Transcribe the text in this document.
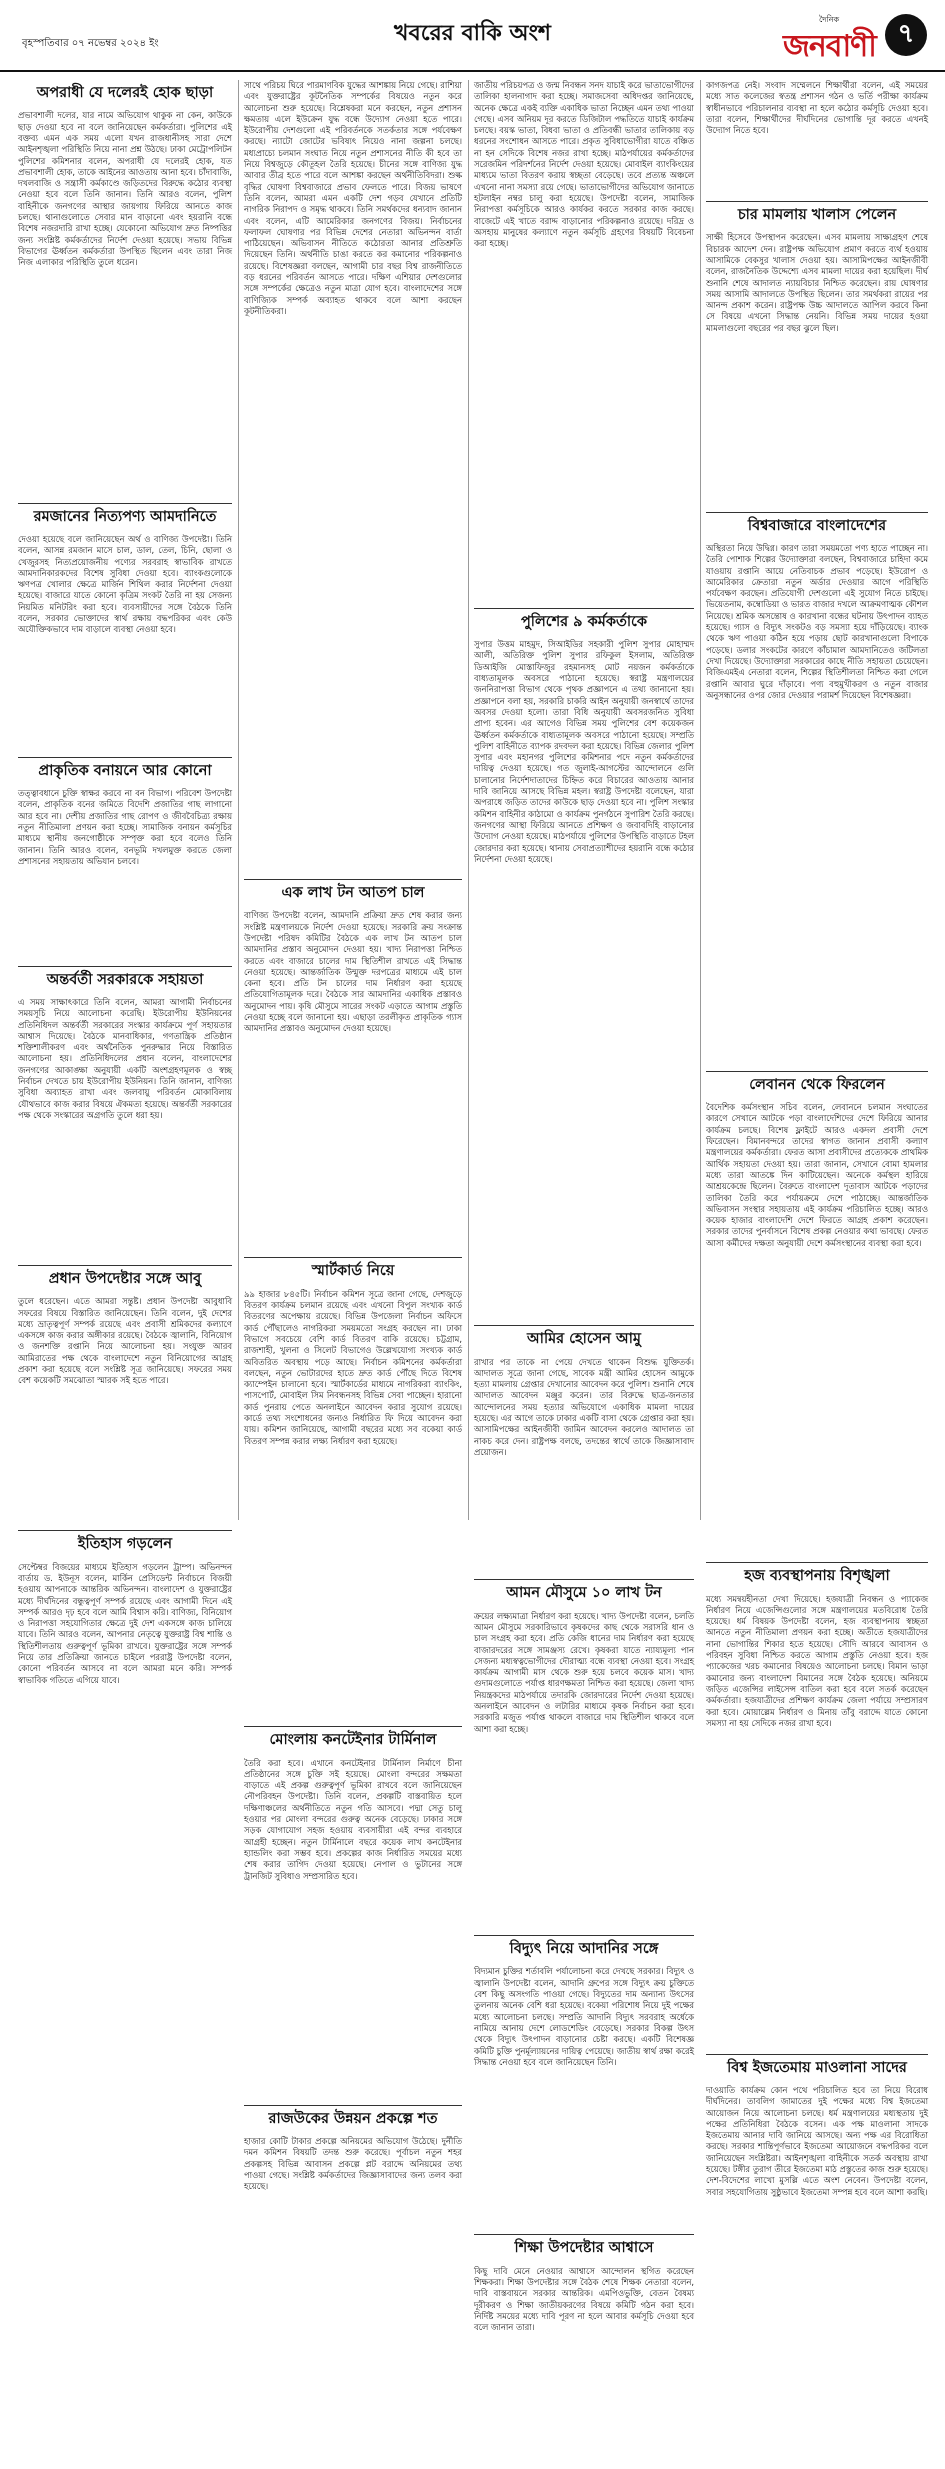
বৃহস্পতিবার ০৭ নভেম্বর ২০২৪ ইং	খবরের বাকি অংশ
দৈনিক
জনবাণী ৭
অপরাধী যে দলেরই হোক ছাড়া
প্রভাবশালী দলের, যার নামে অভিযোগ থাকুক না কেন, কাউকে ছাড় দেওয়া হবে না বলে জানিয়েছেন কর্মকর্তারা। পুলিশের এই বক্তব্য এমন এক সময় এলো যখন রাজধানীসহ সারা দেশে আইনশৃঙ্খলা পরিস্থিতি নিয়ে নানা প্রশ্ন উঠছে। ঢাকা মেট্রোপলিটন পুলিশের কমিশনার বলেন, অপরাধী যে দলেরই হোক, যত প্রভাবশালী হোক, তাকে আইনের আওতায় আনা হবে। চাঁদাবাজি, দখলবাজি ও সন্ত্রাসী কর্মকাণ্ডে জড়িতদের বিরুদ্ধে কঠোর ব্যবস্থা নেওয়া হবে বলে তিনি জানান। তিনি আরও বলেন, পুলিশ বাহিনীকে জনগণের আস্থার জায়গায় ফিরিয়ে আনতে কাজ চলছে। থানাগুলোতে সেবার মান বাড়ানো এবং হয়রানি বন্ধে বিশেষ নজরদারি রাখা হচ্ছে। যেকোনো অভিযোগ দ্রুত নিষ্পত্তির জন্য সংশ্লিষ্ট কর্মকর্তাদের নির্দেশ দেওয়া হয়েছে। সভায় বিভিন্ন বিভাগের ঊর্ধ্বতন কর্মকর্তারা উপস্থিত ছিলেন এবং তারা নিজ নিজ এলাকার পরিস্থিতি তুলে ধরেন।
রমজানের নিত্যপণ্য আমদানিতে
দেওয়া হয়েছে বলে জানিয়েছেন অর্থ ও বাণিজ্য উপদেষ্টা। তিনি বলেন, আসন্ন রমজান মাসে চাল, ডাল, তেল, চিনি, ছোলা ও খেজুরসহ নিত্যপ্রয়োজনীয় পণ্যের সরবরাহ স্বাভাবিক রাখতে আমদানিকারকদের বিশেষ সুবিধা দেওয়া হবে। ব্যাংকগুলোকে ঋণপত্র খোলার ক্ষেত্রে মার্জিন শিথিল করার নির্দেশনা দেওয়া হয়েছে। বাজারে যাতে কোনো কৃত্রিম সংকট তৈরি না হয় সেজন্য নিয়মিত মনিটরিং করা হবে। ব্যবসায়ীদের সঙ্গে বৈঠকে তিনি বলেন, সরকার ভোক্তাদের স্বার্থ রক্ষায় বদ্ধপরিকর এবং কেউ অযৌক্তিকভাবে দাম বাড়ালে ব্যবস্থা নেওয়া হবে।
প্রাকৃতিক বনায়নে আর কোনো
তত্ত্বাবধানে চুক্তি স্বাক্ষর করবে না বন বিভাগ। পরিবেশ উপদেষ্টা বলেন, প্রাকৃতিক বনের জমিতে বিদেশি প্রজাতির গাছ লাগানো আর হবে না। দেশীয় প্রজাতির গাছ রোপণ ও জীববৈচিত্র্য রক্ষায় নতুন নীতিমালা প্রণয়ন করা হচ্ছে। সামাজিক বনায়ন কর্মসূচির মাধ্যমে স্থানীয় জনগোষ্ঠীকে সম্পৃক্ত করা হবে বলেও তিনি জানান। তিনি আরও বলেন, বনভূমি দখলমুক্ত করতে জেলা প্রশাসনের সহায়তায় অভিযান চলবে।
অন্তর্বর্তী সরকারকে সহায়তা
এ সময় সাক্ষাৎকারে তিনি বলেন, আমরা আগামী নির্বাচনের সময়সূচি নিয়ে আলোচনা করেছি। ইউরোপীয় ইউনিয়নের প্রতিনিধিদল অন্তর্বর্তী সরকারের সংস্কার কার্যক্রমে পূর্ণ সহায়তার আশ্বাস দিয়েছে। বৈঠকে মানবাধিকার, গণতান্ত্রিক প্রতিষ্ঠান শক্তিশালীকরণ এবং অর্থনৈতিক পুনরুদ্ধার নিয়ে বিস্তারিত আলোচনা হয়। প্রতিনিধিদলের প্রধান বলেন, বাংলাদেশের জনগণের আকাঙ্ক্ষা অনুযায়ী একটি অংশগ্রহণমূলক ও স্বচ্ছ নির্বাচন দেখতে চায় ইউরোপীয় ইউনিয়ন। তিনি জানান, বাণিজ্য সুবিধা অব্যাহত রাখা এবং জলবায়ু পরিবর্তন মোকাবিলায় যৌথভাবে কাজ করার বিষয়ে ঐকমত্য হয়েছে। অন্তর্বর্তী সরকারের পক্ষ থেকে সংস্কারের অগ্রগতি তুলে ধরা হয়।
প্রধান উপদেষ্টার সঙ্গে আবু
তুলে ধরেছেন। এতে আমরা সন্তুষ্ট। প্রধান উপদেষ্টা আবুধাবি সফরের বিষয়ে বিস্তারিত জানিয়েছেন। তিনি বলেন, দুই দেশের মধ্যে ভ্রাতৃত্বপূর্ণ সম্পর্ক রয়েছে এবং প্রবাসী শ্রমিকদের কল্যাণে একসঙ্গে কাজ করার অঙ্গীকার রয়েছে। বৈঠকে জ্বালানি, বিনিয়োগ ও জনশক্তি রপ্তানি নিয়ে আলোচনা হয়। সংযুক্ত আরব আমিরাতের পক্ষ থেকে বাংলাদেশে নতুন বিনিয়োগের আগ্রহ প্রকাশ করা হয়েছে বলে সংশ্লিষ্ট সূত্র জানিয়েছে। সফরের সময় বেশ কয়েকটি সমঝোতা স্মারক সই হতে পারে।
ইতিহাস গড়লেন
সেপ্টেম্বর বিজয়ের মাধ্যমে ইতিহাস গড়লেন ট্রাম্প। অভিনন্দন বার্তায় ড. ইউনূস বলেন, মার্কিন প্রেসিডেন্ট নির্বাচনে বিজয়ী হওয়ায় আপনাকে আন্তরিক অভিনন্দন। বাংলাদেশ ও যুক্তরাষ্ট্রের মধ্যে দীর্ঘদিনের বন্ধুত্বপূর্ণ সম্পর্ক রয়েছে এবং আগামী দিনে এই সম্পর্ক আরও দৃঢ় হবে বলে আমি বিশ্বাস করি। বাণিজ্য, বিনিয়োগ ও নিরাপত্তা সহযোগিতার ক্ষেত্রে দুই দেশ একসঙ্গে কাজ চালিয়ে যাবে। তিনি আরও বলেন, আপনার নেতৃত্বে যুক্তরাষ্ট্র বিশ্ব শান্তি ও স্থিতিশীলতায় গুরুত্বপূর্ণ ভূমিকা রাখবে। যুক্তরাষ্ট্রের সঙ্গে সম্পর্ক নিয়ে তার প্রতিক্রিয়া জানতে চাইলে পররাষ্ট্র উপদেষ্টা বলেন, কোনো পরিবর্তন আসবে না বলে আমরা মনে করি। সম্পর্ক স্বাভাবিক গতিতে এগিয়ে যাবে।
সাথে পরিচয় ঘিরে পারমাণবিক যুদ্ধের আশঙ্কায় নিয়ে গেছে। রাশিয়া এবং যুক্তরাষ্ট্রের কূটনৈতিক সম্পর্কের বিষয়েও নতুন করে আলোচনা শুরু হয়েছে। বিশ্লেষকরা মনে করছেন, নতুন প্রশাসন ক্ষমতায় এলে ইউক্রেন যুদ্ধ বন্ধে উদ্যোগ নেওয়া হতে পারে। ইউরোপীয় দেশগুলো এই পরিবর্তনকে সতর্কতার সঙ্গে পর্যবেক্ষণ করছে। ন্যাটো জোটের ভবিষ্যৎ নিয়েও নানা জল্পনা চলছে। মধ্যপ্রাচ্যে চলমান সংঘাত নিয়ে নতুন প্রশাসনের নীতি কী হবে তা নিয়ে বিশ্বজুড়ে কৌতূহল তৈরি হয়েছে। চীনের সঙ্গে বাণিজ্য যুদ্ধ আবার তীব্র হতে পারে বলে আশঙ্কা করছেন অর্থনীতিবিদরা। শুল্ক বৃদ্ধির ঘোষণা বিশ্ববাজারে প্রভাব ফেলতে পারে। বিজয় ভাষণে তিনি বলেন, আমরা এমন একটি দেশ গড়ব যেখানে প্রতিটি নাগরিক নিরাপদ ও সমৃদ্ধ থাকবে। তিনি সমর্থকদের ধন্যবাদ জানান এবং বলেন, এটি আমেরিকার জনগণের বিজয়। নির্বাচনের ফলাফল ঘোষণার পর বিভিন্ন দেশের নেতারা অভিনন্দন বার্তা পাঠিয়েছেন। অভিবাসন নীতিতে কঠোরতা আনার প্রতিশ্রুতি দিয়েছেন তিনি। অর্থনীতি চাঙা করতে কর কমানোর পরিকল্পনাও রয়েছে। বিশেষজ্ঞরা বলছেন, আগামী চার বছর বিশ্ব রাজনীতিতে বড় ধরনের পরিবর্তন আসতে পারে। দক্ষিণ এশিয়ার দেশগুলোর সঙ্গে সম্পর্কের ক্ষেত্রেও নতুন মাত্রা যোগ হবে। বাংলাদেশের সঙ্গে বাণিজ্যিক সম্পর্ক অব্যাহত থাকবে বলে আশা করছেন কূটনীতিকরা।
এক লাখ টন আতপ চাল
বাণিজ্য উপদেষ্টা বলেন, আমদানি প্রক্রিয়া দ্রুত শেষ করার জন্য সংশ্লিষ্ট মন্ত্রণালয়কে নির্দেশ দেওয়া হয়েছে। সরকারি ক্রয় সংক্রান্ত উপদেষ্টা পরিষদ কমিটির বৈঠকে এক লাখ টন আতপ চাল আমদানির প্রস্তাব অনুমোদন দেওয়া হয়। খাদ্য নিরাপত্তা নিশ্চিত করতে এবং বাজারে চালের দাম স্থিতিশীল রাখতে এই সিদ্ধান্ত নেওয়া হয়েছে। আন্তর্জাতিক উন্মুক্ত দরপত্রের মাধ্যমে এই চাল কেনা হবে। প্রতি টন চালের দাম নির্ধারণ করা হয়েছে প্রতিযোগিতামূলক দরে। বৈঠকে সার আমদানির একাধিক প্রস্তাবও অনুমোদন পায়। কৃষি মৌসুমে সারের সংকট এড়াতে আগাম প্রস্তুতি নেওয়া হচ্ছে বলে জানানো হয়। এছাড়া তরলীকৃত প্রাকৃতিক গ্যাস আমদানির প্রস্তাবও অনুমোদন দেওয়া হয়েছে।
স্মার্টকার্ড নিয়ে
৯৯ হাজার ৮৪৫টি। নির্বাচন কমিশন সূত্রে জানা গেছে, দেশজুড়ে বিতরণ কার্যক্রম চলমান রয়েছে এবং এখনো বিপুল সংখ্যক কার্ড বিতরণের অপেক্ষায় রয়েছে। বিভিন্ন উপজেলা নির্বাচন অফিসে কার্ড পৌঁছালেও নাগরিকরা সময়মতো সংগ্রহ করছেন না। ঢাকা বিভাগে সবচেয়ে বেশি কার্ড বিতরণ বাকি রয়েছে। চট্টগ্রাম, রাজশাহী, খুলনা ও সিলেট বিভাগেও উল্লেখযোগ্য সংখ্যক কার্ড অবিতরিত অবস্থায় পড়ে আছে। নির্বাচন কমিশনের কর্মকর্তারা বলছেন, নতুন ভোটারদের হাতে দ্রুত কার্ড পৌঁছে দিতে বিশেষ ক্যাম্পেইন চালানো হবে। স্মার্টকার্ডের মাধ্যমে নাগরিকরা ব্যাংকিং, পাসপোর্ট, মোবাইল সিম নিবন্ধনসহ বিভিন্ন সেবা পাচ্ছেন। হারানো কার্ড পুনরায় পেতে অনলাইনে আবেদন করার সুযোগ রয়েছে। কার্ডে তথ্য সংশোধনের জন্যও নির্ধারিত ফি দিয়ে আবেদন করা যায়। কমিশন জানিয়েছে, আগামী বছরের মধ্যে সব বকেয়া কার্ড বিতরণ সম্পন্ন করার লক্ষ্য নির্ধারণ করা হয়েছে।
মোংলায় কনটেইনার টার্মিনাল
তৈরি করা হবে। এখানে কনটেইনার টার্মিনাল নির্মাণে চীনা প্রতিষ্ঠানের সঙ্গে চুক্তি সই হয়েছে। মোংলা বন্দরের সক্ষমতা বাড়াতে এই প্রকল্প গুরুত্বপূর্ণ ভূমিকা রাখবে বলে জানিয়েছেন নৌপরিবহন উপদেষ্টা। তিনি বলেন, প্রকল্পটি বাস্তবায়িত হলে দক্ষিণাঞ্চলের অর্থনীতিতে নতুন গতি আসবে। পদ্মা সেতু চালু হওয়ার পর মোংলা বন্দরের গুরুত্ব অনেক বেড়েছে। ঢাকার সঙ্গে সড়ক যোগাযোগ সহজ হওয়ায় ব্যবসায়ীরা এই বন্দর ব্যবহারে আগ্রহী হচ্ছেন। নতুন টার্মিনালে বছরে কয়েক লাখ কনটেইনার হ্যান্ডলিং করা সম্ভব হবে। প্রকল্পের কাজ নির্ধারিত সময়ের মধ্যে শেষ করার তাগিদ দেওয়া হয়েছে। নেপাল ও ভুটানের সঙ্গে ট্রানজিট সুবিধাও সম্প্রসারিত হবে।
রাজউকের উন্নয়ন প্রকল্পে শত
হাজার কোটি টাকার প্রকল্পে অনিয়মের অভিযোগ উঠেছে। দুর্নীতি দমন কমিশন বিষয়টি তদন্ত শুরু করেছে। পূর্বাচল নতুন শহর প্রকল্পসহ বিভিন্ন আবাসন প্রকল্পে প্লট বরাদ্দে অনিয়মের তথ্য পাওয়া গেছে। সংশ্লিষ্ট কর্মকর্তাদের জিজ্ঞাসাবাদের জন্য তলব করা হয়েছে।
জাতীয় পরিচয়পত্র ও জন্ম নিবন্ধন সনদ যাচাই করে ভাতাভোগীদের তালিকা হালনাগাদ করা হচ্ছে। সমাজসেবা অধিদপ্তর জানিয়েছে, অনেক ক্ষেত্রে একই ব্যক্তি একাধিক ভাতা নিচ্ছেন এমন তথ্য পাওয়া গেছে। এসব অনিয়ম দূর করতে ডিজিটাল পদ্ধতিতে যাচাই কার্যক্রম চলছে। বয়স্ক ভাতা, বিধবা ভাতা ও প্রতিবন্ধী ভাতার তালিকায় বড় ধরনের সংশোধন আসতে পারে। প্রকৃত সুবিধাভোগীরা যাতে বঞ্চিত না হন সেদিকে বিশেষ নজর রাখা হচ্ছে। মাঠপর্যায়ের কর্মকর্তাদের সরেজমিন পরিদর্শনের নির্দেশ দেওয়া হয়েছে। মোবাইল ব্যাংকিংয়ের মাধ্যমে ভাতা বিতরণ করায় স্বচ্ছতা বেড়েছে। তবে প্রত্যন্ত অঞ্চলে এখনো নানা সমস্যা রয়ে গেছে। ভাতাভোগীদের অভিযোগ জানাতে হটলাইন নম্বর চালু করা হয়েছে। উপদেষ্টা বলেন, সামাজিক নিরাপত্তা কর্মসূচিকে আরও কার্যকর করতে সরকার কাজ করছে। বাজেটে এই খাতে বরাদ্দ বাড়ানোর পরিকল্পনাও রয়েছে। দরিদ্র ও অসহায় মানুষের কল্যাণে নতুন কর্মসূচি গ্রহণের বিষয়টি বিবেচনা করা হচ্ছে।
পুলিশের ৯ কর্মকর্তাকে
সুপার উত্তম মাহমুদ, সিআইডির সহকারী পুলিশ সুপার মোহাম্মদ আলী, অতিরিক্ত পুলিশ সুপার রফিকুল ইসলাম, অতিরিক্ত ডিআইজি মোস্তাফিজুর রহমানসহ মোট নয়জন কর্মকর্তাকে বাধ্যতামূলক অবসরে পাঠানো হয়েছে। স্বরাষ্ট্র মন্ত্রণালয়ের জননিরাপত্তা বিভাগ থেকে পৃথক প্রজ্ঞাপনে এ তথ্য জানানো হয়। প্রজ্ঞাপনে বলা হয়, সরকারি চাকরি আইন অনুযায়ী জনস্বার্থে তাদের অবসর দেওয়া হলো। তারা বিধি অনুযায়ী অবসরজনিত সুবিধা প্রাপ্য হবেন। এর আগেও বিভিন্ন সময় পুলিশের বেশ কয়েকজন ঊর্ধ্বতন কর্মকর্তাকে বাধ্যতামূলক অবসরে পাঠানো হয়েছে। সম্প্রতি পুলিশ বাহিনীতে ব্যাপক রদবদল করা হয়েছে। বিভিন্ন জেলার পুলিশ সুপার এবং মহানগর পুলিশের কমিশনার পদে নতুন কর্মকর্তাদের দায়িত্ব দেওয়া হয়েছে। গত জুলাই-আগস্টের আন্দোলনে গুলি চালানোর নির্দেশদাতাদের চিহ্নিত করে বিচারের আওতায় আনার দাবি জানিয়ে আসছে বিভিন্ন মহল। স্বরাষ্ট্র উপদেষ্টা বলেছেন, যারা অপরাধে জড়িত তাদের কাউকে ছাড় দেওয়া হবে না। পুলিশ সংস্কার কমিশন বাহিনীর কাঠামো ও কার্যক্রম পুনর্গঠনে সুপারিশ তৈরি করছে। জনগণের আস্থা ফিরিয়ে আনতে প্রশিক্ষণ ও জবাবদিহি বাড়ানোর উদ্যোগ নেওয়া হয়েছে। মাঠপর্যায়ে পুলিশের উপস্থিতি বাড়াতে টহল জোরদার করা হয়েছে। থানায় সেবাপ্রত্যাশীদের হয়রানি বন্ধে কঠোর নির্দেশনা দেওয়া হয়েছে।
আমির হোসেন আমু
রাখার পর তাকে না পেয়ে দেখতে থাকেন বিশুদ্ধ যুক্তিতর্ক। আদালত সূত্রে জানা গেছে, সাবেক মন্ত্রী আমির হোসেন আমুকে হত্যা মামলায় গ্রেপ্তার দেখানোর আবেদন করে পুলিশ। শুনানি শেষে আদালত আবেদন মঞ্জুর করেন। তার বিরুদ্ধে ছাত্র-জনতার আন্দোলনের সময় হত্যার অভিযোগে একাধিক মামলা দায়ের হয়েছে। এর আগে তাকে ঢাকার একটি বাসা থেকে গ্রেপ্তার করা হয়। আসামিপক্ষের আইনজীবী জামিন আবেদন করলেও আদালত তা নাকচ করে দেন। রাষ্ট্রপক্ষ বলছে, তদন্তের স্বার্থে তাকে জিজ্ঞাসাবাদ প্রয়োজন।
আমন মৌসুমে ১০ লাখ টন
ক্রয়ের লক্ষ্যমাত্রা নির্ধারণ করা হয়েছে। খাদ্য উপদেষ্টা বলেন, চলতি আমন মৌসুমে সরকারিভাবে কৃষকদের কাছ থেকে সরাসরি ধান ও চাল সংগ্রহ করা হবে। প্রতি কেজি ধানের দাম নির্ধারণ করা হয়েছে বাজারদরের সঙ্গে সামঞ্জস্য রেখে। কৃষকরা যাতে ন্যায্যমূল্য পান সেজন্য মধ্যস্বত্বভোগীদের দৌরাত্ম্য বন্ধে ব্যবস্থা নেওয়া হবে। সংগ্রহ কার্যক্রম আগামী মাস থেকে শুরু হয়ে চলবে কয়েক মাস। খাদ্য গুদামগুলোতে পর্যাপ্ত ধারণক্ষমতা নিশ্চিত করা হয়েছে। জেলা খাদ্য নিয়ন্ত্রকদের মাঠপর্যায়ে তদারকি জোরদারের নির্দেশ দেওয়া হয়েছে। অনলাইনে আবেদন ও লটারির মাধ্যমে কৃষক নির্বাচন করা হবে। সরকারি মজুত পর্যাপ্ত থাকলে বাজারে দাম স্থিতিশীল থাকবে বলে আশা করা হচ্ছে।
বিদ্যুৎ নিয়ে আদানির সঙ্গে
বিদ্যমান চুক্তির শর্তাবলি পর্যালোচনা করে দেখছে সরকার। বিদ্যুৎ ও জ্বালানি উপদেষ্টা বলেন, আদানি গ্রুপের সঙ্গে বিদ্যুৎ ক্রয় চুক্তিতে বেশ কিছু অসংগতি পাওয়া গেছে। বিদ্যুতের দাম অন্যান্য উৎসের তুলনায় অনেক বেশি ধরা হয়েছে। বকেয়া পরিশোধ নিয়ে দুই পক্ষের মধ্যে আলোচনা চলছে। সম্প্রতি আদানি বিদ্যুৎ সরবরাহ অর্ধেকে নামিয়ে আনায় দেশে লোডশেডিং বেড়েছে। সরকার বিকল্প উৎস থেকে বিদ্যুৎ উৎপাদন বাড়ানোর চেষ্টা করছে। একটি বিশেষজ্ঞ কমিটি চুক্তি পুনর্মূল্যায়নের দায়িত্ব পেয়েছে। জাতীয় স্বার্থ রক্ষা করেই সিদ্ধান্ত নেওয়া হবে বলে জানিয়েছেন তিনি।
শিক্ষা উপদেষ্টার আশ্বাসে
কিছু দাবি মেনে নেওয়ার আশ্বাসে আন্দোলন স্থগিত করেছেন শিক্ষকরা। শিক্ষা উপদেষ্টার সঙ্গে বৈঠক শেষে শিক্ষক নেতারা বলেন, দাবি বাস্তবায়নে সরকার আন্তরিক। এমপিওভুক্তি, বেতন বৈষম্য দূরীকরণ ও শিক্ষা জাতীয়করণের বিষয়ে কমিটি গঠন করা হবে। নির্দিষ্ট সময়ের মধ্যে দাবি পূরণ না হলে আবার কর্মসূচি দেওয়া হবে বলে জানান তারা।
কাগজপত্র নেই। সংবাদ সম্মেলনে শিক্ষার্থীরা বলেন, এই সময়ের মধ্যে সাত কলেজের স্বতন্ত্র প্রশাসন গঠন ও ভর্তি পরীক্ষা কার্যক্রম স্বাধীনভাবে পরিচালনার ব্যবস্থা না হলে কঠোর কর্মসূচি দেওয়া হবে। তারা বলেন, শিক্ষার্থীদের দীর্ঘদিনের ভোগান্তি দূর করতে এখনই উদ্যোগ নিতে হবে।
চার মামলায় খালাস পেলেন
সাক্ষী হিসেবে উপস্থাপন করেছেন। এসব মামলায় সাক্ষ্যগ্রহণ শেষে বিচারক আদেশ দেন। রাষ্ট্রপক্ষ অভিযোগ প্রমাণ করতে ব্যর্থ হওয়ায় আসামিকে বেকসুর খালাস দেওয়া হয়। আসামিপক্ষের আইনজীবী বলেন, রাজনৈতিক উদ্দেশ্যে এসব মামলা দায়ের করা হয়েছিল। দীর্ঘ শুনানি শেষে আদালত ন্যায়বিচার নিশ্চিত করেছেন। রায় ঘোষণার সময় আসামি আদালতে উপস্থিত ছিলেন। তার সমর্থকরা রায়ের পর আনন্দ প্রকাশ করেন। রাষ্ট্রপক্ষ উচ্চ আদালতে আপিল করবে কিনা সে বিষয়ে এখনো সিদ্ধান্ত নেয়নি। বিভিন্ন সময় দায়ের হওয়া মামলাগুলো বছরের পর বছর ঝুলে ছিল।
বিশ্ববাজারে বাংলাদেশের
অস্থিরতা নিয়ে উদ্বিগ্ন। কারণ তারা সময়মতো পণ্য হাতে পাচ্ছেন না। তৈরি পোশাক শিল্পের উদ্যোক্তারা বলছেন, বিশ্ববাজারে চাহিদা কমে যাওয়ায় রপ্তানি আয়ে নেতিবাচক প্রভাব পড়েছে। ইউরোপ ও আমেরিকার ক্রেতারা নতুন অর্ডার দেওয়ার আগে পরিস্থিতি পর্যবেক্ষণ করছেন। প্রতিযোগী দেশগুলো এই সুযোগ নিতে চাইছে। ভিয়েতনাম, কম্বোডিয়া ও ভারত বাজার দখলে আক্রমণাত্মক কৌশল নিয়েছে। শ্রমিক অসন্তোষ ও কারখানা বন্ধের ঘটনায় উৎপাদন ব্যাহত হয়েছে। গ্যাস ও বিদ্যুৎ সংকটও বড় সমস্যা হয়ে দাঁড়িয়েছে। ব্যাংক থেকে ঋণ পাওয়া কঠিন হয়ে পড়ায় ছোট কারখানাগুলো বিপাকে পড়েছে। ডলার সংকটের কারণে কাঁচামাল আমদানিতেও জটিলতা দেখা দিয়েছে। উদ্যোক্তারা সরকারের কাছে নীতি সহায়তা চেয়েছেন। বিজিএমইএ নেতারা বলেন, শিল্পের স্থিতিশীলতা নিশ্চিত করা গেলে রপ্তানি আবার ঘুরে দাঁড়াবে। পণ্য বহুমুখীকরণ ও নতুন বাজার অনুসন্ধানের ওপর জোর দেওয়ার পরামর্শ দিয়েছেন বিশেষজ্ঞরা।
লেবানন থেকে ফিরলেন
বৈদেশিক কর্মসংস্থান সচিব বলেন, লেবাননে চলমান সংঘাতের কারণে সেখানে আটকে পড়া বাংলাদেশিদের দেশে ফিরিয়ে আনার কার্যক্রম চলছে। বিশেষ ফ্লাইটে আরও একদল প্রবাসী দেশে ফিরেছেন। বিমানবন্দরে তাদের স্বাগত জানান প্রবাসী কল্যাণ মন্ত্রণালয়ের কর্মকর্তারা। ফেরত আসা প্রবাসীদের প্রত্যেককে প্রাথমিক আর্থিক সহায়তা দেওয়া হয়। তারা জানান, সেখানে বোমা হামলার মধ্যে তারা আতঙ্কে দিন কাটিয়েছেন। অনেকে কর্মস্থল হারিয়ে আশ্রয়কেন্দ্রে ছিলেন। বৈরুতে বাংলাদেশ দূতাবাস আটকে পড়াদের তালিকা তৈরি করে পর্যায়ক্রমে দেশে পাঠাচ্ছে। আন্তর্জাতিক অভিবাসন সংস্থার সহায়তায় এই কার্যক্রম পরিচালিত হচ্ছে। আরও কয়েক হাজার বাংলাদেশি দেশে ফিরতে আগ্রহ প্রকাশ করেছেন। সরকার তাদের পুনর্বাসনে বিশেষ প্রকল্প নেওয়ার কথা ভাবছে। ফেরত আসা কর্মীদের দক্ষতা অনুযায়ী দেশে কর্মসংস্থানের ব্যবস্থা করা হবে।
হজ ব্যবস্থাপনায় বিশৃঙ্খলা
মধ্যে সমন্বয়হীনতা দেখা দিয়েছে। হজযাত্রী নিবন্ধন ও প্যাকেজ নির্ধারণ নিয়ে এজেন্সিগুলোর সঙ্গে মন্ত্রণালয়ের মতবিরোধ তৈরি হয়েছে। ধর্ম বিষয়ক উপদেষ্টা বলেন, হজ ব্যবস্থাপনায় স্বচ্ছতা আনতে নতুন নীতিমালা প্রণয়ন করা হচ্ছে। অতীতে হজযাত্রীদের নানা ভোগান্তির শিকার হতে হয়েছে। সৌদি আরবে আবাসন ও পরিবহন সুবিধা নিশ্চিত করতে আগাম প্রস্তুতি নেওয়া হবে। হজ প্যাকেজের খরচ কমানোর বিষয়েও আলোচনা চলছে। বিমান ভাড়া কমানোর জন্য বাংলাদেশ বিমানের সঙ্গে বৈঠক হয়েছে। অনিয়মে জড়িত এজেন্সির লাইসেন্স বাতিল করা হবে বলে সতর্ক করেছেন কর্মকর্তারা। হজযাত্রীদের প্রশিক্ষণ কার্যক্রম জেলা পর্যায়ে সম্প্রসারণ করা হবে। মোয়াল্লেম নির্ধারণ ও মিনায় তাঁবু বরাদ্দে যাতে কোনো সমস্যা না হয় সেদিকে নজর রাখা হবে।
বিশ্ব ইজতেমায় মাওলানা সাদের
দাওয়াতি কার্যক্রম কোন পথে পরিচালিত হবে তা নিয়ে বিরোধ দীর্ঘদিনের। তাবলিগ জামাতের দুই পক্ষের মধ্যে বিশ্ব ইজতেমা আয়োজন নিয়ে আলোচনা চলছে। ধর্ম মন্ত্রণালয়ের মধ্যস্থতায় দুই পক্ষের প্রতিনিধিরা বৈঠকে বসেন। এক পক্ষ মাওলানা সাদকে ইজতেমায় আনার দাবি জানিয়ে আসছে। অন্য পক্ষ এর বিরোধিতা করছে। সরকার শান্তিপূর্ণভাবে ইজতেমা আয়োজনে বদ্ধপরিকর বলে জানিয়েছেন সংশ্লিষ্টরা। আইনশৃঙ্খলা বাহিনীকে সতর্ক অবস্থায় রাখা হয়েছে। টঙ্গীর তুরাগ তীরে ইজতেমা মাঠ প্রস্তুতের কাজ শুরু হয়েছে। দেশ-বিদেশের লাখো মুসল্লি এতে অংশ নেবেন। উপদেষ্টা বলেন, সবার সহযোগিতায় সুষ্ঠুভাবে ইজতেমা সম্পন্ন হবে বলে আশা করছি।
